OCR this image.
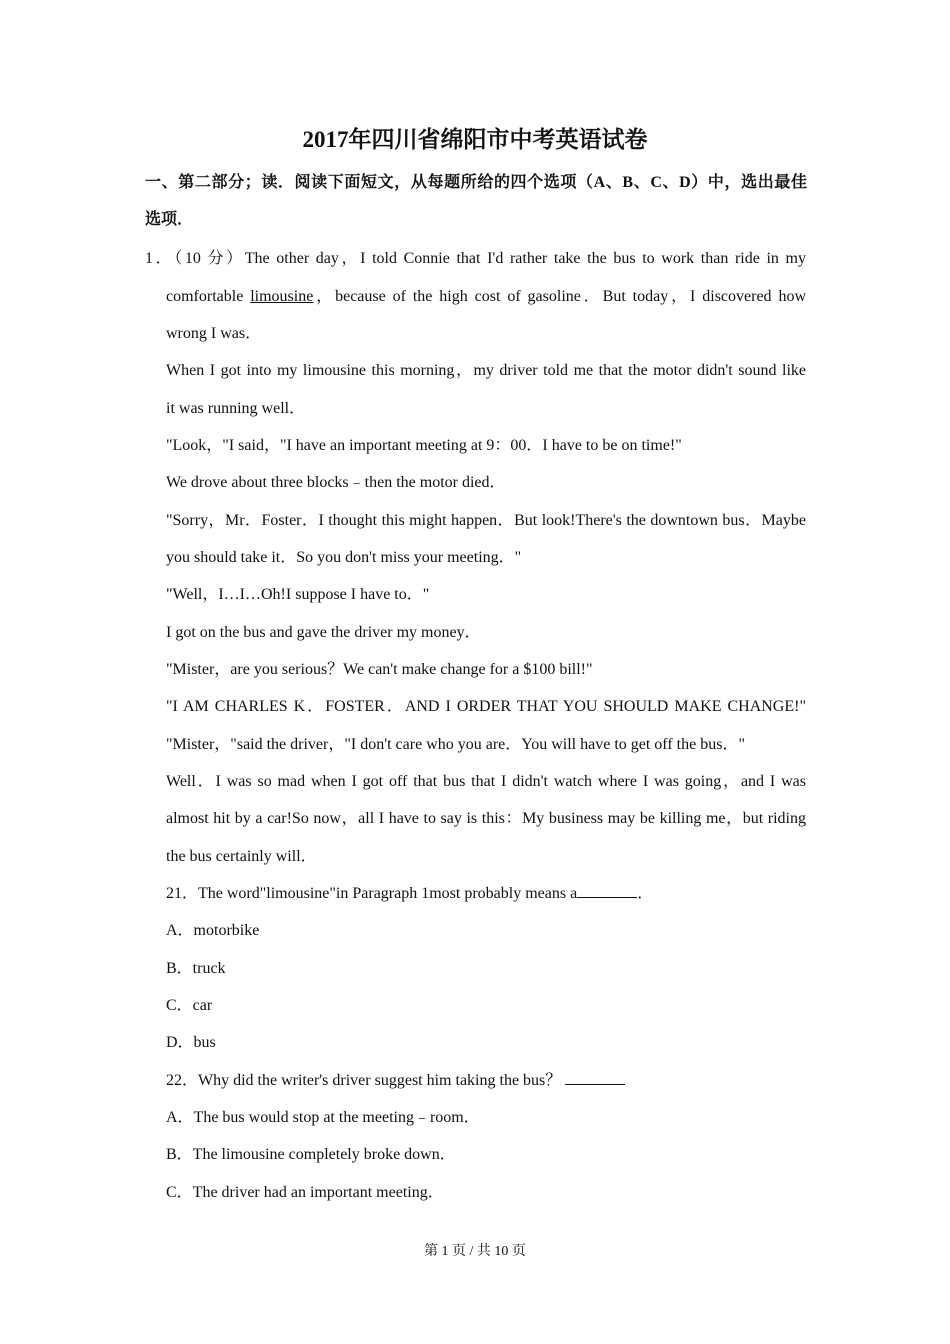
2017年四川省绵阳市中考英语试卷
一、第二部分；读．阅读下面短文，从每题所给的四个选项（A、B、C、D）中，选出最佳
选项．
1．（10 分）The other day，I told Connie that I'd rather take the bus to work than ride in my
comfortable limousine，because of the high cost of gasoline．But today，I discovered how
wrong I was．
When I got into my limousine this morning，my driver told me that the motor didn't sound like
it was running well．
"Look，"I said，"I have an important meeting at 9：00．I have to be on time!"
We drove about three blocks﹣then the motor died．
"Sorry，Mr．Foster．I thought this might happen．But look!There's the downtown bus．Maybe
you should take it．So you don't miss your meeting．"
"Well，I…I…Oh!I suppose I have to．"
I got on the bus and gave the driver my money．
"Mister，are you serious？We can't make change for a $100 bill!"
"I AM CHARLES K．FOSTER．AND I ORDER THAT YOU SHOULD MAKE CHANGE!"
"Mister，"said the driver，"I don't care who you are．You will have to get off the bus．"
Well．I was so mad when I got off that bus that I didn't watch where I was going，and I was
almost hit by a car!So now，all I have to say is this：My business may be killing me，but riding
the bus certainly will．
21．The word"limousine"in Paragraph 1most probably means a	．
A．motorbike
B．truck
C．car
D．bus
22．Why did the writer's driver suggest him taking the bus？
A．The bus would stop at the meeting﹣room．
B．The limousine completely broke down．
C．The driver had an important meeting．
第 1 页 / 共 10 页
